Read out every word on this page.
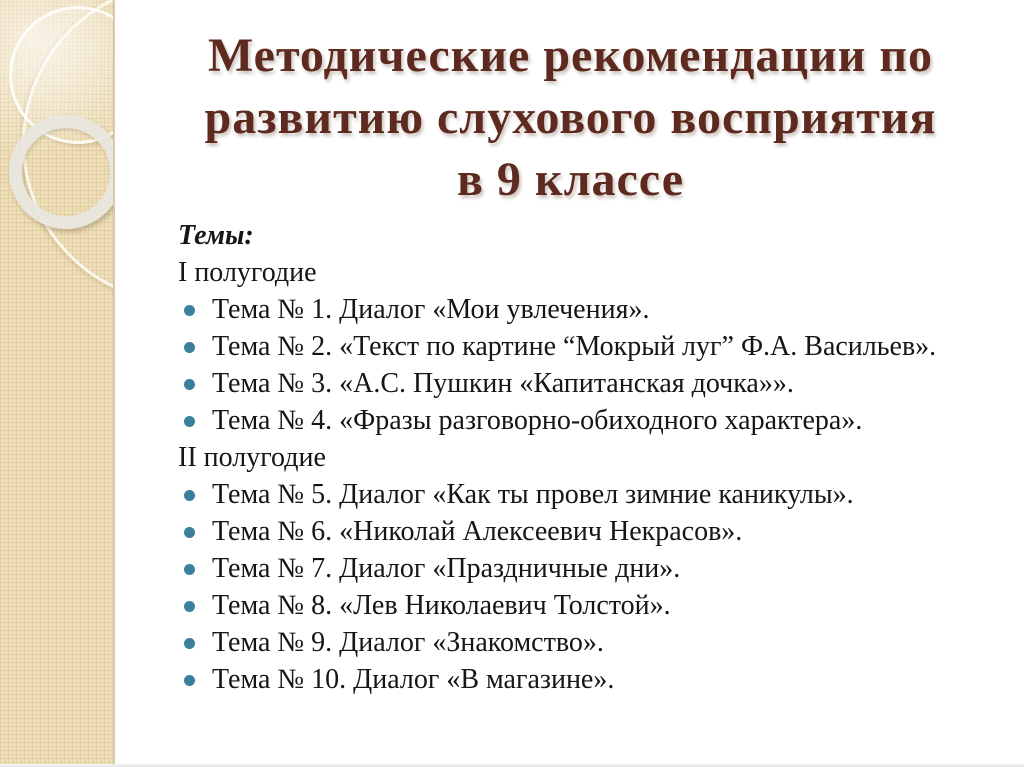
Методические рекомендации по
развитию слухового восприятия
в 9 классе
Темы:
I полугодие
Тема № 1. Диалог «Мои увлечения».
Тема № 2. «Текст по картине “Мокрый луг” Ф.А. Васильев».
Тема № 3. «А.С. Пушкин «Капитанская дочка»».
Тема № 4. «Фразы разговорно-обиходного характера».
II полугодие
Тема № 5. Диалог «Как ты провел зимние каникулы».
Тема № 6. «Николай Алексеевич Некрасов».
Тема № 7. Диалог «Праздничные дни».
Тема № 8. «Лев Николаевич Толстой».
Тема № 9. Диалог «Знакомство».
Тема № 10. Диалог «В магазине».
